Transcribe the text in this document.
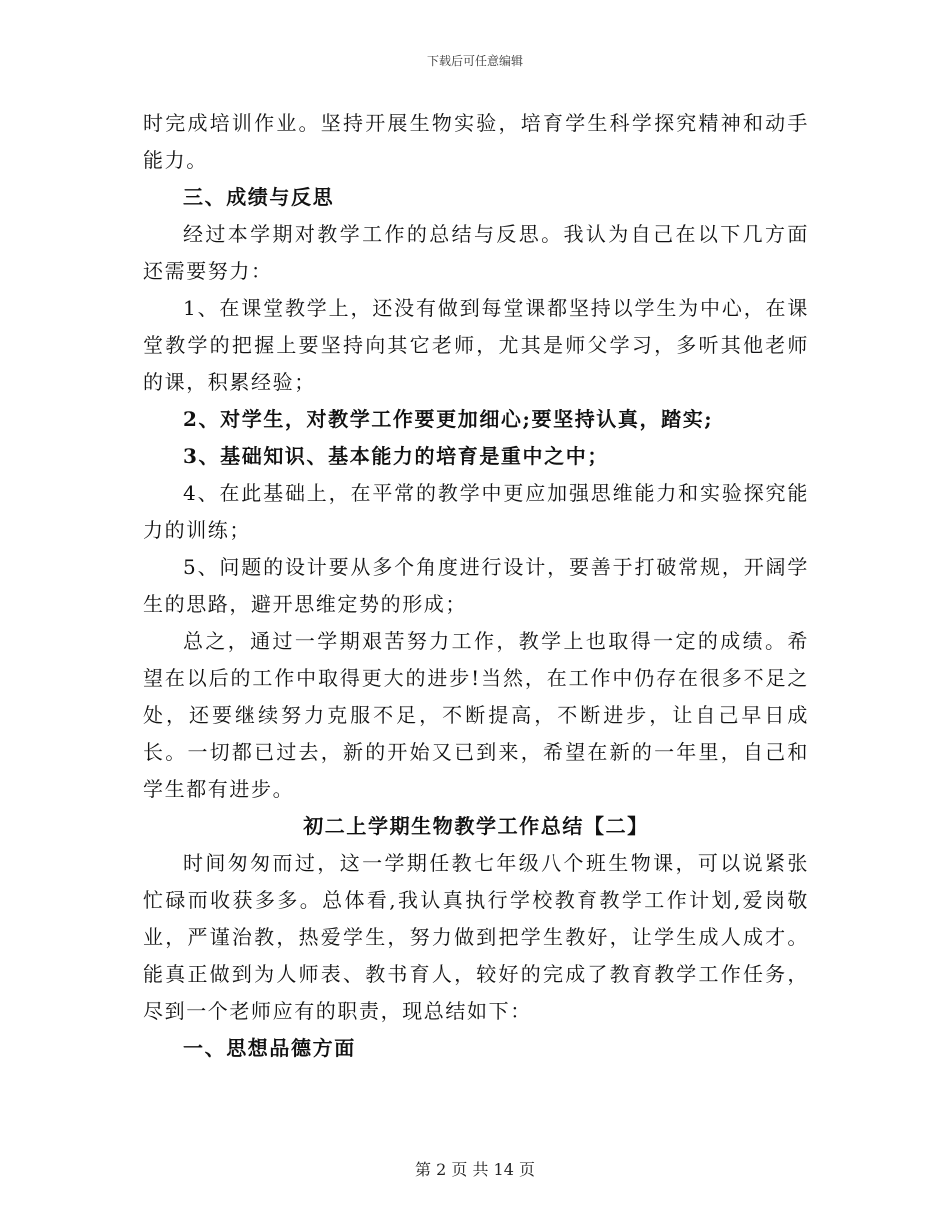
下载后可任意编辑

时完成培训作业。坚持开展生物实验，培育学生科学探究精神和动手能力。

三、成绩与反思

经过本学期对教学工作的总结与反思。我认为自己在以下几方面还需要努力：

1、在课堂教学上，还没有做到每堂课都坚持以学生为中心，在课堂教学的把握上要坚持向其它老师，尤其是师父学习，多听其他老师的课，积累经验；

2、对学生，对教学工作要更加细心;要坚持认真，踏实;

3、基础知识、基本能力的培育是重中之中；

4、在此基础上，在平常的教学中更应加强思维能力和实验探究能力的训练；

5、问题的设计要从多个角度进行设计，要善于打破常规，开阔学生的思路，避开思维定势的形成；

总之，通过一学期艰苦努力工作，教学上也取得一定的成绩。希望在以后的工作中取得更大的进步!当然，在工作中仍存在很多不足之处，还要继续努力克服不足，不断提高，不断进步，让自己早日成长。一切都已过去，新的开始又已到来，希望在新的一年里，自己和学生都有进步。

初二上学期生物教学工作总结【二】

时间匆匆而过，这一学期任教七年级八个班生物课，可以说紧张忙碌而收获多多。总体看,我认真执行学校教育教学工作计划,爱岗敬业，严谨治教，热爱学生，努力做到把学生教好，让学生成人成才。能真正做到为人师表、教书育人，较好的完成了教育教学工作任务，尽到一个老师应有的职责，现总结如下：

一、思想品德方面

第 2 页 共 14 页
